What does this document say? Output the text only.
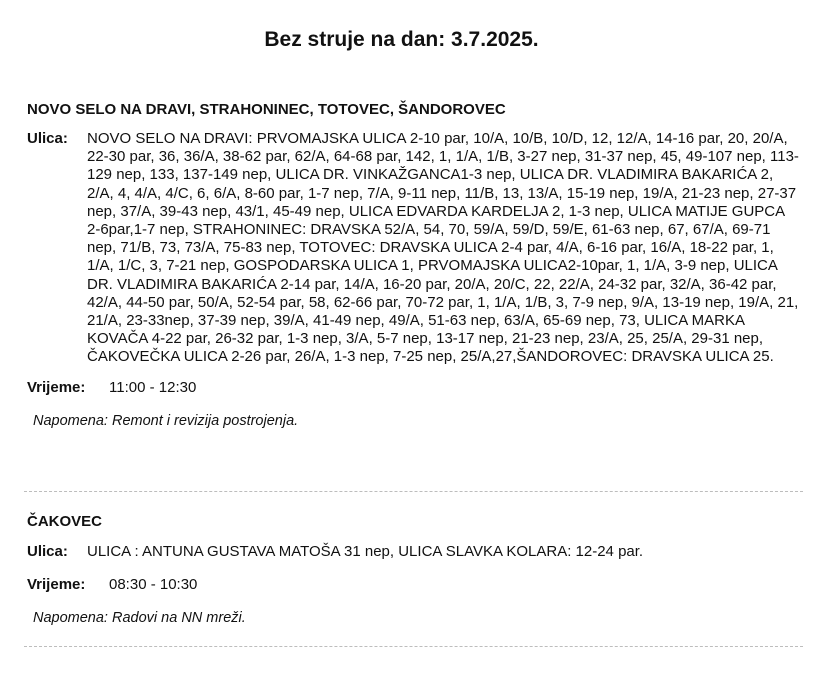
Bez struje na dan: 3.7.2025.
NOVO SELO NA DRAVI, STRAHONINEC, TOTOVEC, ŠANDOROVEC
Ulica:	NOVO SELO NA DRAVI: PRVOMAJSKA ULICA 2-10 par, 10/A, 10/B, 10/D, 12, 12/A, 14-16 par, 20, 20/A, 22-30 par, 36, 36/A, 38-62 par, 62/A, 64-68 par, 142, 1, 1/A, 1/B, 3-27 nep, 31-37 nep, 45, 49-107 nep, 113-129 nep, 133, 137-149 nep, ULICA DR. VINKAŽGANCA1-3 nep, ULICA DR. VLADIMIRA BAKARIĆA 2, 2/A, 4, 4/A, 4/C, 6, 6/A, 8-60 par, 1-7 nep, 7/A, 9-11 nep, 11/B, 13, 13/A, 15-19 nep, 19/A, 21-23 nep, 27-37 nep, 37/A, 39-43 nep, 43/1, 45-49 nep, ULICA EDVARDA KARDELJA 2, 1-3 nep, ULICA MATIJE GUPCA 2-6par,1-7 nep, STRAHONINEC: DRAVSKA 52/A, 54, 70, 59/A, 59/D, 59/E, 61-63 nep, 67, 67/A, 69-71 nep, 71/B, 73, 73/A, 75-83 nep, TOTOVEC: DRAVSKA ULICA 2-4 par, 4/A, 6-16 par, 16/A, 18-22 par, 1, 1/A, 1/C, 3, 7-21 nep, GOSPODARSKA ULICA 1, PRVOMAJSKA ULICA2-10par, 1, 1/A, 3-9 nep, ULICA DR. VLADIMIRA BAKARIĆA 2-14 par, 14/A, 16-20 par, 20/A, 20/C, 22, 22/A, 24-32 par, 32/A, 36-42 par, 42/A, 44-50 par, 50/A, 52-54 par, 58, 62-66 par, 70-72 par, 1, 1/A, 1/B, 3, 7-9 nep, 9/A, 13-19 nep, 19/A, 21, 21/A, 23-33nep, 37-39 nep, 39/A, 41-49 nep, 49/A, 51-63 nep, 63/A, 65-69 nep, 73, ULICA MARKA KOVAČA 4-22 par, 26-32 par, 1-3 nep, 3/A, 5-7 nep, 13-17 nep, 21-23 nep, 23/A, 25, 25/A, 29-31 nep, ČAKOVEČKA ULICA 2-26 par, 26/A, 1-3 nep, 7-25 nep, 25/A,27,ŠANDOROVEC: DRAVSKA ULICA 25.
Vrijeme:	11:00 - 12:30
Napomena: Remont i revizija postrojenja.
ČAKOVEC
Ulica:	ULICA : ANTUNA GUSTAVA MATOŠA 31 nep, ULICA SLAVKA KOLARA: 12-24 par.
Vrijeme:	08:30 - 10:30
Napomena: Radovi na NN mreži.
